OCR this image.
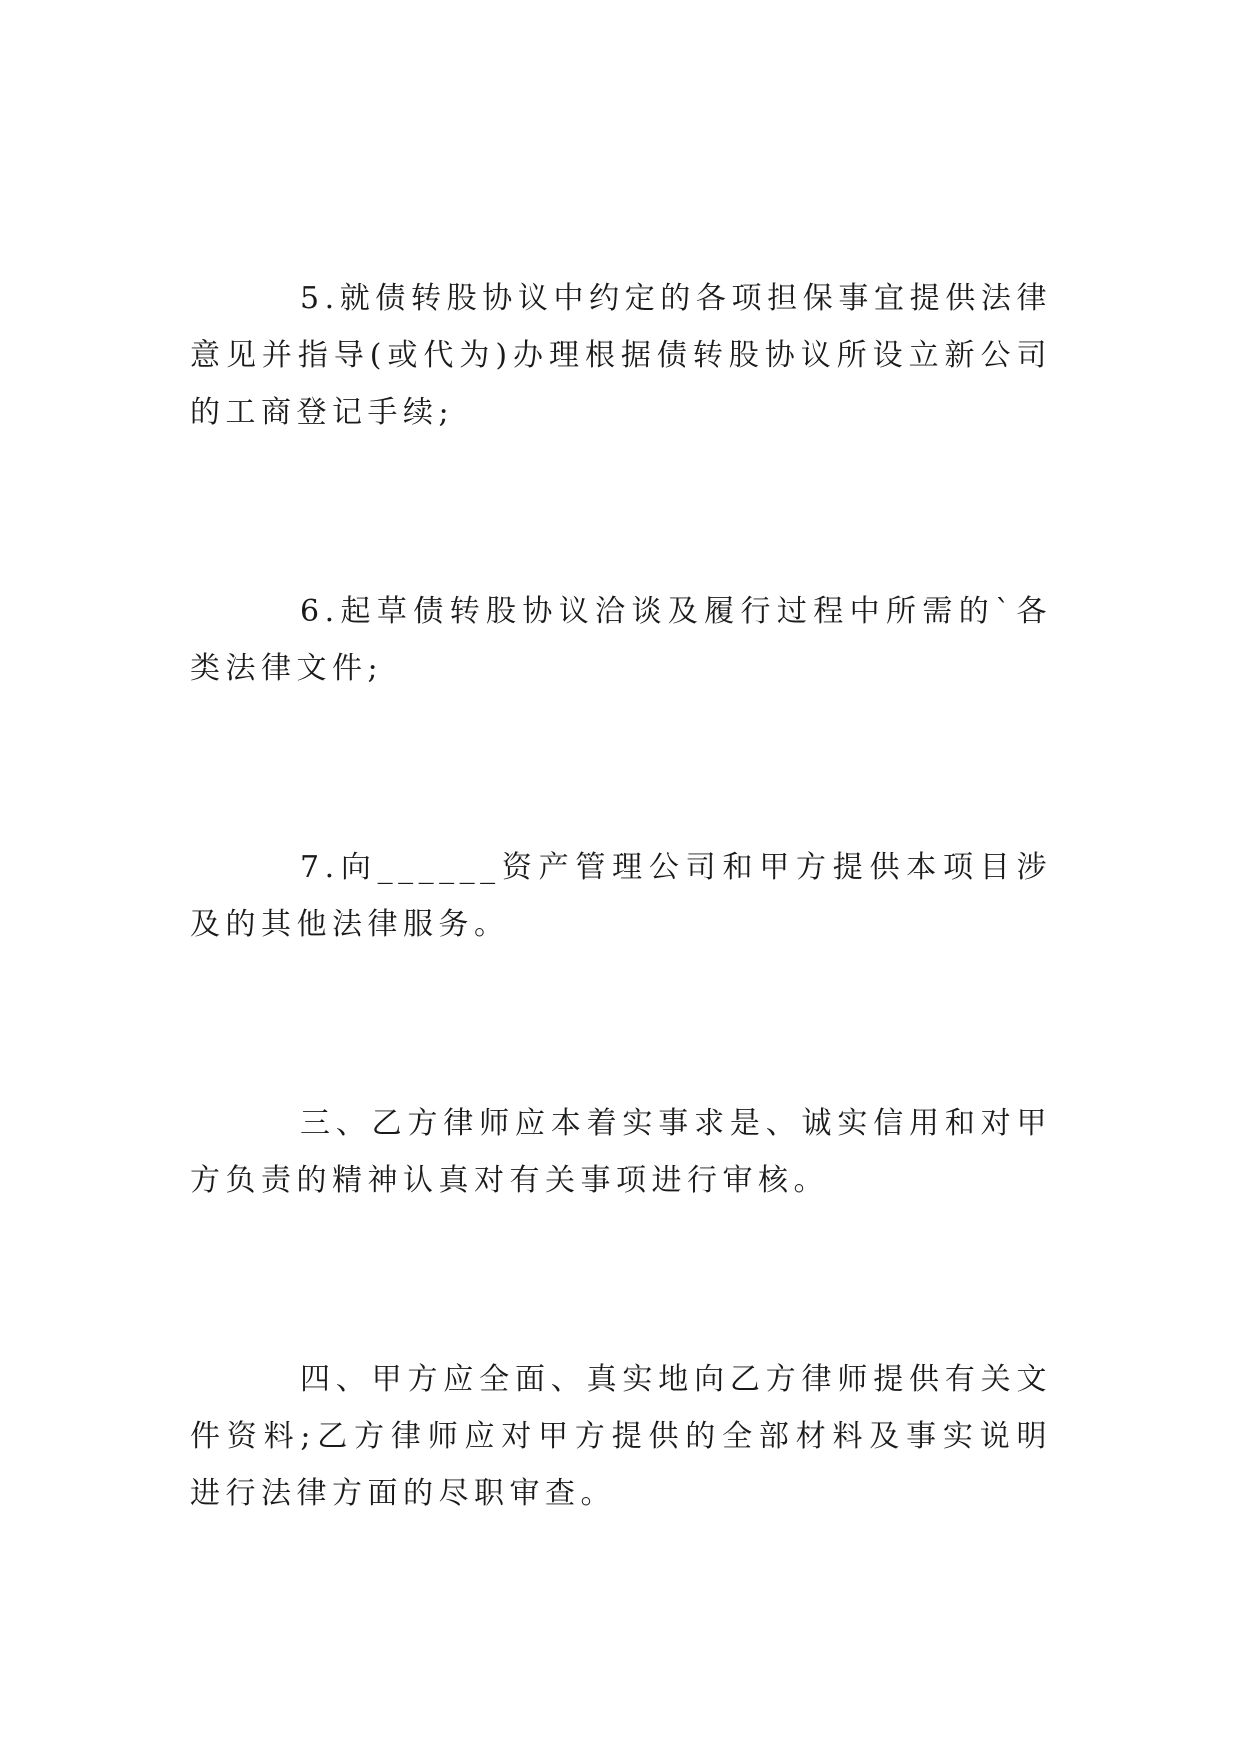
5.就债转股协议中约定的各项担保事宜提供法律意见并指导(或代为)办理根据债转股协议所设立新公司的工商登记手续;

6.起草债转股协议洽谈及履行过程中所需的`各类法律文件;

7.向______资产管理公司和甲方提供本项目涉及的其他法律服务。

三、乙方律师应本着实事求是、诚实信用和对甲方负责的精神认真对有关事项进行审核。

四、甲方应全面、真实地向乙方律师提供有关文件资料;乙方律师应对甲方提供的全部材料及事实说明进行法律方面的尽职审查。
